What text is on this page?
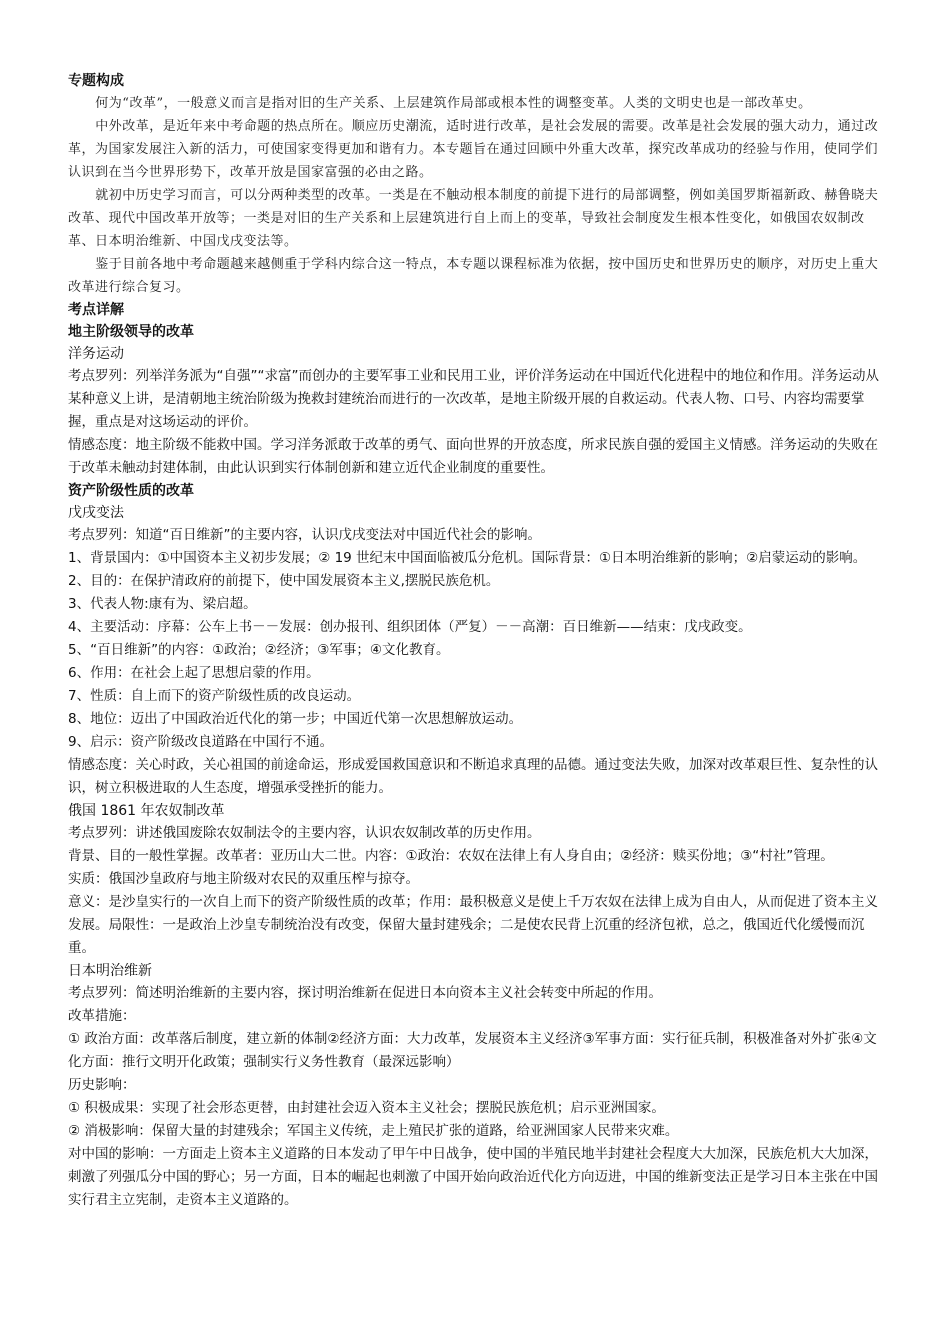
专题构成

何为“改革”，一般意义而言是指对旧的生产关系、上层建筑作局部或根本性的调整变革。人类的文明史也是一部改革史。

中外改革，是近年来中考命题的热点所在。顺应历史潮流，适时进行改革，是社会发展的需要。改革是社会发展的强大动力，通过改革，为国家发展注入新的活力，可使国家变得更加和谐有力。本专题旨在通过回顾中外重大改革，探究改革成功的经验与作用，使同学们认识到在当今世界形势下，改革开放是国家富强的必由之路。

就初中历史学习而言，可以分两种类型的改革。一类是在不触动根本制度的前提下进行的局部调整，例如美国罗斯福新政、赫鲁晓夫改革、现代中国改革开放等；一类是对旧的生产关系和上层建筑进行自上而上的变革，导致社会制度发生根本性变化，如俄国农奴制改革、日本明治维新、中国戊戌变法等。

鉴于目前各地中考命题越来越侧重于学科内综合这一特点，本专题以课程标准为依据，按中国历史和世界历史的顺序，对历史上重大改革进行综合复习。

考点详解

地主阶级领导的改革

洋务运动

考点罗列：列举洋务派为“自强”“求富”而创办的主要军事工业和民用工业，评价洋务运动在中国近代化进程中的地位和作用。洋务运动从某种意义上讲，是清朝地主统治阶级为挽救封建统治而进行的一次改革，是地主阶级开展的自救运动。代表人物、口号、内容均需要掌握，重点是对这场运动的评价。

情感态度：地主阶级不能救中国。学习洋务派敢于改革的勇气、面向世界的开放态度，所求民族自强的爱国主义情感。洋务运动的失败在于改革未触动封建体制，由此认识到实行体制创新和建立近代企业制度的重要性。

资产阶级性质的改革

戊戌变法

考点罗列：知道“百日维新”的主要内容，认识戊戌变法对中国近代社会的影响。

1、背景国内：①中国资本主义初步发展；② 19 世纪末中国面临被瓜分危机。国际背景：①日本明治维新的影响；②启蒙运动的影响。

2、目的：在保护清政府的前提下，使中国发展资本主义,摆脱民族危机。

3、代表人物:康有为、梁启超。

4、主要活动：序幕：公车上书－－发展：创办报刊、组织团体（严复）－－高潮：百日维新——结束：戊戌政变。

5、“百日维新”的内容：①政治；②经济；③军事；④文化教育。

6、作用：在社会上起了思想启蒙的作用。

7、性质：自上而下的资产阶级性质的改良运动。

8、地位：迈出了中国政治近代化的第一步；中国近代第一次思想解放运动。

9、启示：资产阶级改良道路在中国行不通。

情感态度：关心时政，关心祖国的前途命运，形成爱国救国意识和不断追求真理的品德。通过变法失败，加深对改革艰巨性、复杂性的认识，树立积极进取的人生态度，增强承受挫折的能力。

俄国 1861 年农奴制改革

考点罗列：讲述俄国废除农奴制法令的主要内容，认识农奴制改革的历史作用。

背景、目的一般性掌握。改革者：亚历山大二世。内容：①政治：农奴在法律上有人身自由；②经济：赎买份地；③“村社”管理。

实质：俄国沙皇政府与地主阶级对农民的双重压榨与掠夺。

意义：是沙皇实行的一次自上而下的资产阶级性质的改革；作用：最积极意义是使上千万农奴在法律上成为自由人，从而促进了资本主义发展。局限性：一是政治上沙皇专制统治没有改变，保留大量封建残余；二是使农民背上沉重的经济包袱，总之，俄国近代化缓慢而沉重。

日本明治维新

考点罗列：简述明治维新的主要内容，探讨明治维新在促进日本向资本主义社会转变中所起的作用。

改革措施：

① 政治方面：改革落后制度，建立新的体制②经济方面：大力改革，发展资本主义经济③军事方面：实行征兵制，积极准备对外扩张④文化方面：推行文明开化政策；强制实行义务性教育（最深远影响）

历史影响：

① 积极成果：实现了社会形态更替，由封建社会迈入资本主义社会；摆脱民族危机；启示亚洲国家。

② 消极影响：保留大量的封建残余；军国主义传统，走上殖民扩张的道路，给亚洲国家人民带来灾难。

对中国的影响：一方面走上资本主义道路的日本发动了甲午中日战争，使中国的半殖民地半封建社会程度大大加深，民族危机大大加深，刺激了列强瓜分中国的野心；另一方面，日本的崛起也刺激了中国开始向政治近代化方向迈进，中国的维新变法正是学习日本主张在中国实行君主立宪制，走资本主义道路的。
